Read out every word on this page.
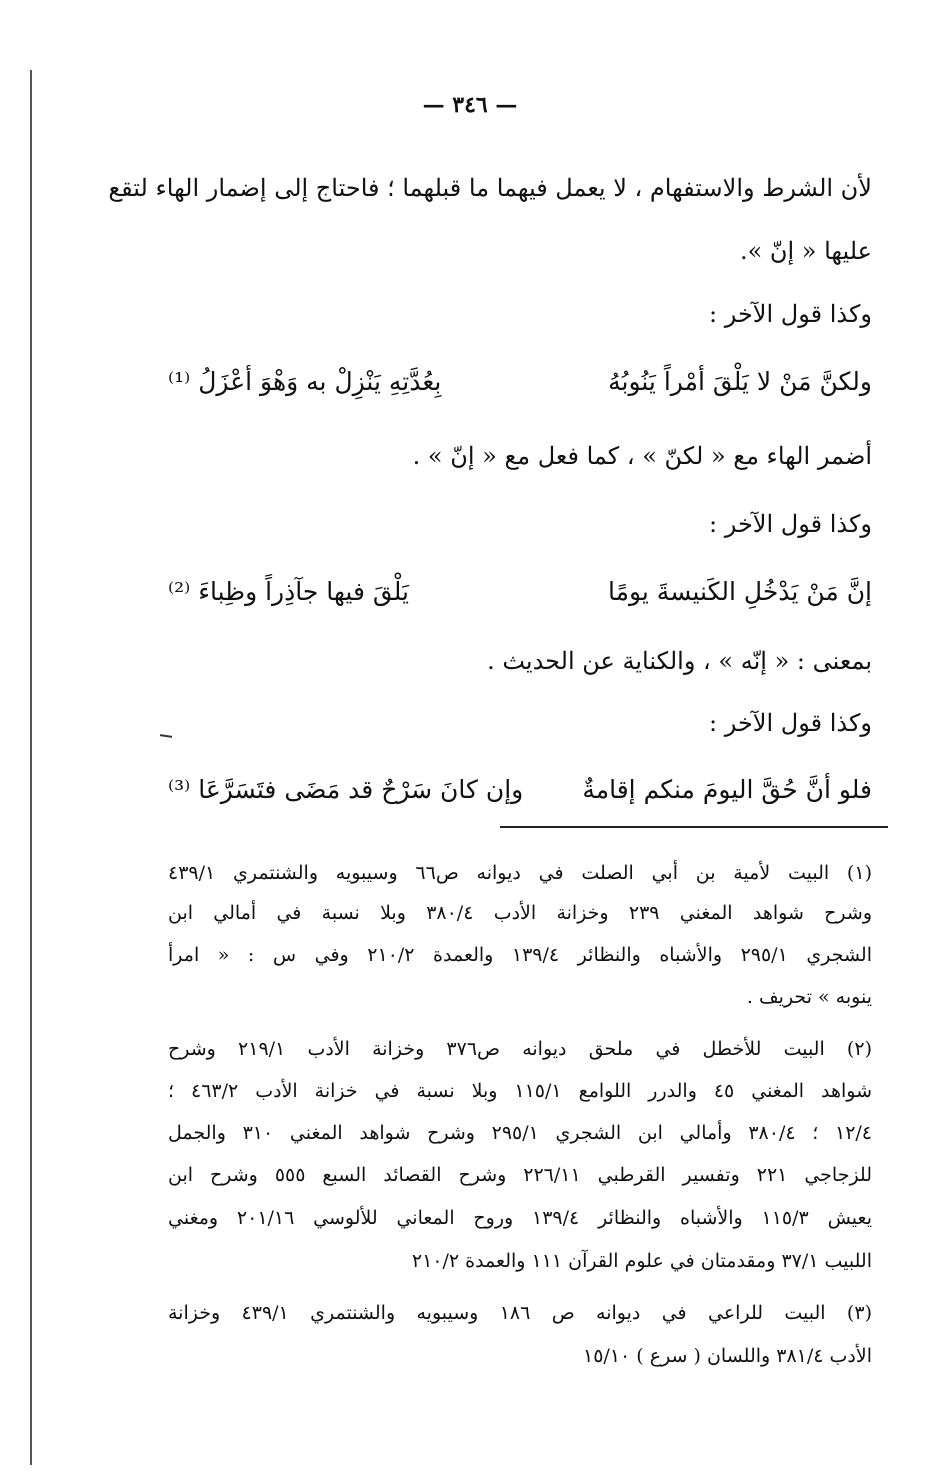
— ٣٤٦ —
لأن الشرط والاستفهام ، لا يعمل فيهما ما قبلهما ؛ فاحتاج إلى إضمار الهاء لتقع
عليها « إنّ ».
وكذا قول الآخر :
ولكنَّ مَنْ لا يَلْقَ أمْراً يَنُوبُهُ
بِعُدَّتِهِ يَنْزِلْ به وَهْوَ أعْزَلُ ⁽¹⁾
أضمر الهاء مع « لكنّ » ، كما فعل مع « إنّ » .
وكذا قول الآخر :
إنَّ مَنْ يَدْخُلِ الكَنيسةَ يومًا
يَلْقَ فيها جآذِراً وظِباءَ ⁽²⁾
بمعنى : « إنّه » ، والكناية عن الحديث .
وكذا قول الآخر :
فلو أنَّ حُقَّ اليومَ منكم إقامةٌ
وإن كانَ سَرْحٌ قد مَضَى فتَسَرَّعَا ⁽³⁾
(١) البيت لأمية بن أبي الصلت في ديوانه ص٦٦ وسيبويه والشنتمري ٤٣٩/١
وشرح شواهد المغني ٢٣٩ وخزانة الأدب ٣٨٠/٤ وبلا نسبة في أمالي ابن
الشجري ٢٩٥/١ والأشباه والنظائر ١٣٩/٤ والعمدة ٢١٠/٢ وفي س : « امرأ
ينوبه » تحريف .
(٢) البيت للأخطل في ملحق ديوانه ص٣٧٦ وخزانة الأدب ٢١٩/١ وشرح
شواهد المغني ٤٥ والدرر اللوامع ١١٥/١ وبلا نسبة في خزانة الأدب ٤٦٣/٢ ؛
١٢/٤ ؛ ٣٨٠/٤ وأمالي ابن الشجري ٢٩٥/١ وشرح شواهد المغني ٣١٠ والجمل
للزجاجي ٢٢١ وتفسير القرطبي ٢٢٦/١١ وشرح القصائد السبع ٥٥٥ وشرح ابن
يعيش ١١٥/٣ والأشباه والنظائر ١٣٩/٤ وروح المعاني للألوسي ٢٠١/١٦ ومغني
اللبيب ٣٧/١ ومقدمتان في علوم القرآن ١١١ والعمدة ٢١٠/٢
(٣) البيت للراعي في ديوانه ص ١٨٦ وسيبويه والشنتمري ٤٣٩/١ وخزانة
الأدب ٣٨١/٤ واللسان ( سرع ) ١٥/١٠
